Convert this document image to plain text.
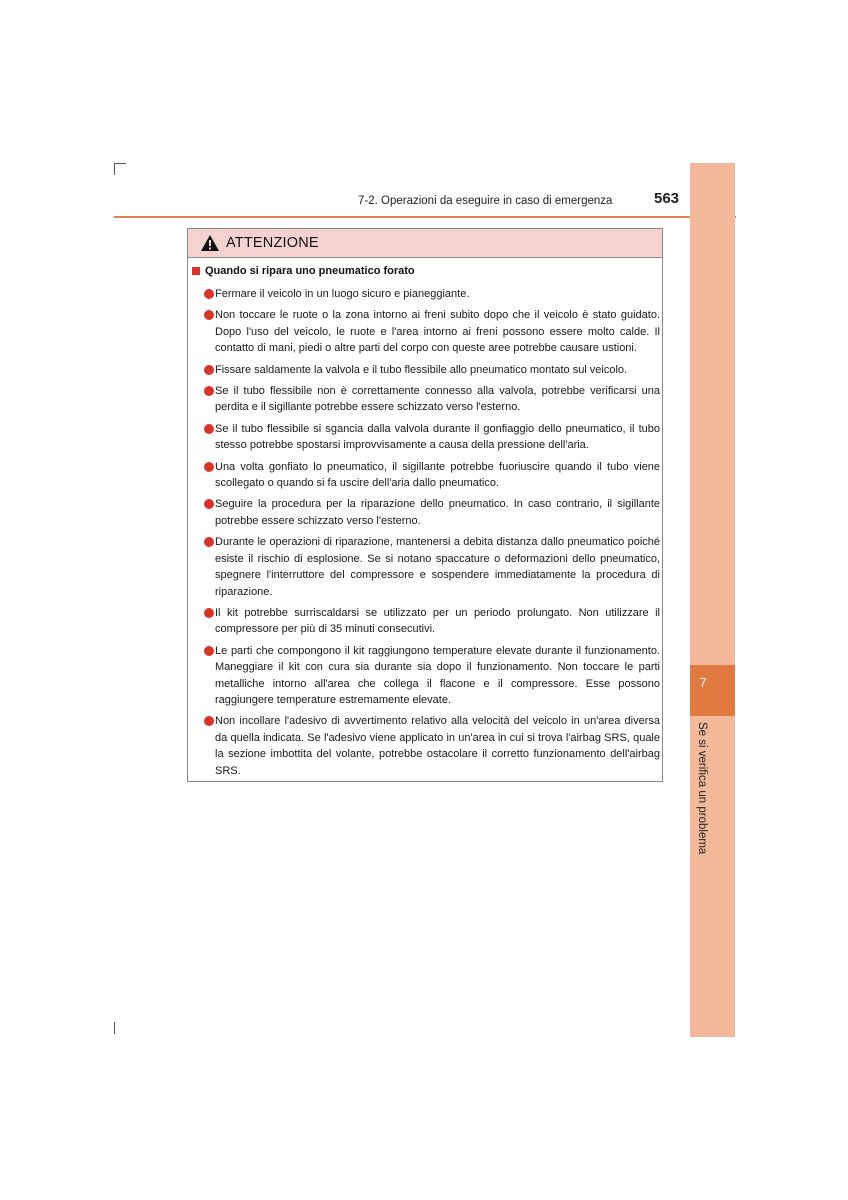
7-2. Operazioni da eseguire in caso di emergenza	563
7
Se si verifica un problema
ATTENZIONE
Quando si ripara uno pneumatico forato
Fermare il veicolo in un luogo sicuro e pianeggiante.
Non toccare le ruote o la zona intorno ai freni subito dopo che il veicolo è stato guidato. Dopo l'uso del veicolo, le ruote e l'area intorno ai freni possono essere molto calde. Il contatto di mani, piedi o altre parti del corpo con queste aree potrebbe causare ustioni.
Fissare saldamente la valvola e il tubo flessibile allo pneumatico montato sul veicolo.
Se il tubo flessibile non è correttamente connesso alla valvola, potrebbe verificarsi una perdita e il sigillante potrebbe essere schizzato verso l'esterno.
Se il tubo flessibile si sgancia dalla valvola durante il gonfiaggio dello pneumatico, il tubo stesso potrebbe spostarsi improvvisamente a causa della pressione dell'aria.
Una volta gonfiato lo pneumatico, il sigillante potrebbe fuoriuscire quando il tubo viene scollegato o quando si fa uscire dell'aria dallo pneumatico.
Seguire la procedura per la riparazione dello pneumatico. In caso contrario, il sigillante potrebbe essere schizzato verso l'esterno.
Durante le operazioni di riparazione, mantenersi a debita distanza dallo pneumatico poiché esiste il rischio di esplosione. Se si notano spaccature o deformazioni dello pneumatico, spegnere l'interruttore del compressore e sospendere immediatamente la procedura di riparazione.
Il kit potrebbe surriscaldarsi se utilizzato per un periodo prolungato. Non utilizzare il compressore per più di 35 minuti consecutivi.
Le parti che compongono il kit raggiungono temperature elevate durante il funzionamento. Maneggiare il kit con cura sia durante sia dopo il funzionamento. Non toccare le parti metalliche intorno all'area che collega il flacone e il compressore. Esse possono raggiungere temperature estremamente elevate.
Non incollare l'adesivo di avvertimento relativo alla velocità del veicolo in un'area diversa da quella indicata. Se l'adesivo viene applicato in un'area in cui si trova l'airbag SRS, quale la sezione imbottita del volante, potrebbe ostacolare il corretto funzionamento dell'airbag SRS.
